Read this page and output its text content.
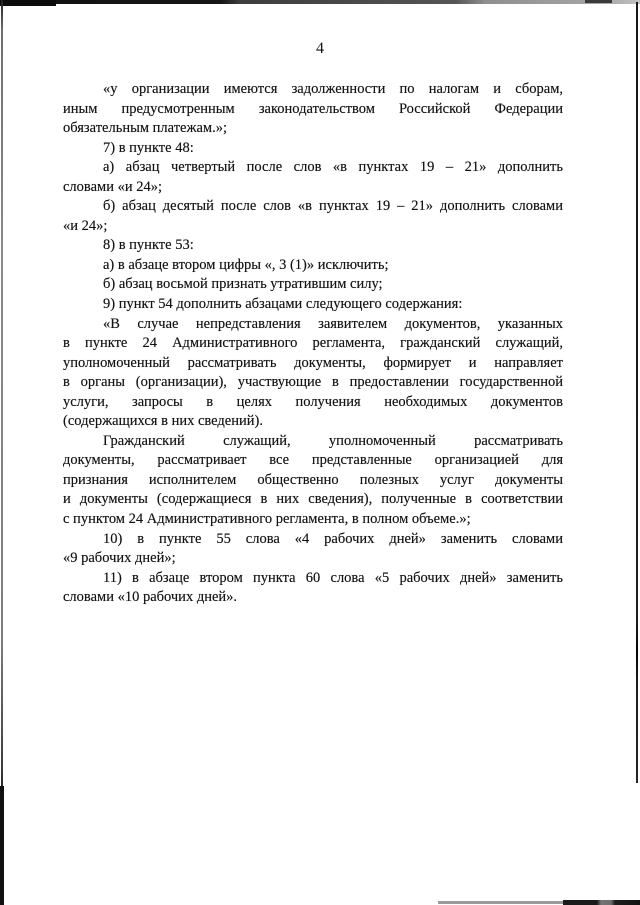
4
«у организации имеются задолженности по налогам и сборам,
иным предусмотренным законодательством Российской Федерации
обязательным платежам.»;
7) в пункте 48:
а) абзац четвертый после слов «в пунктах 19 – 21» дополнить
словами «и 24»;
б) абзац десятый после слов «в пунктах 19 – 21» дополнить словами
«и 24»;
8) в пункте 53:
а) в абзаце втором цифры «, 3 (1)» исключить;
б) абзац восьмой признать утратившим силу;
9) пункт 54 дополнить абзацами следующего содержания:
«В случае непредставления заявителем документов, указанных
в пункте 24 Административного регламента, гражданский служащий,
уполномоченный рассматривать документы, формирует и направляет
в органы (организации), участвующие в предоставлении государственной
услуги, запросы в целях получения необходимых документов
(содержащихся в них сведений).
Гражданский служащий, уполномоченный рассматривать
документы, рассматривает все представленные организацией для
признания исполнителем общественно полезных услуг документы
и документы (содержащиеся в них сведения), полученные в соответствии
с пунктом 24 Административного регламента, в полном объеме.»;
10) в пункте 55 слова «4 рабочих дней» заменить словами
«9 рабочих дней»;
11) в абзаце втором пункта 60 слова «5 рабочих дней» заменить
словами «10 рабочих дней».
